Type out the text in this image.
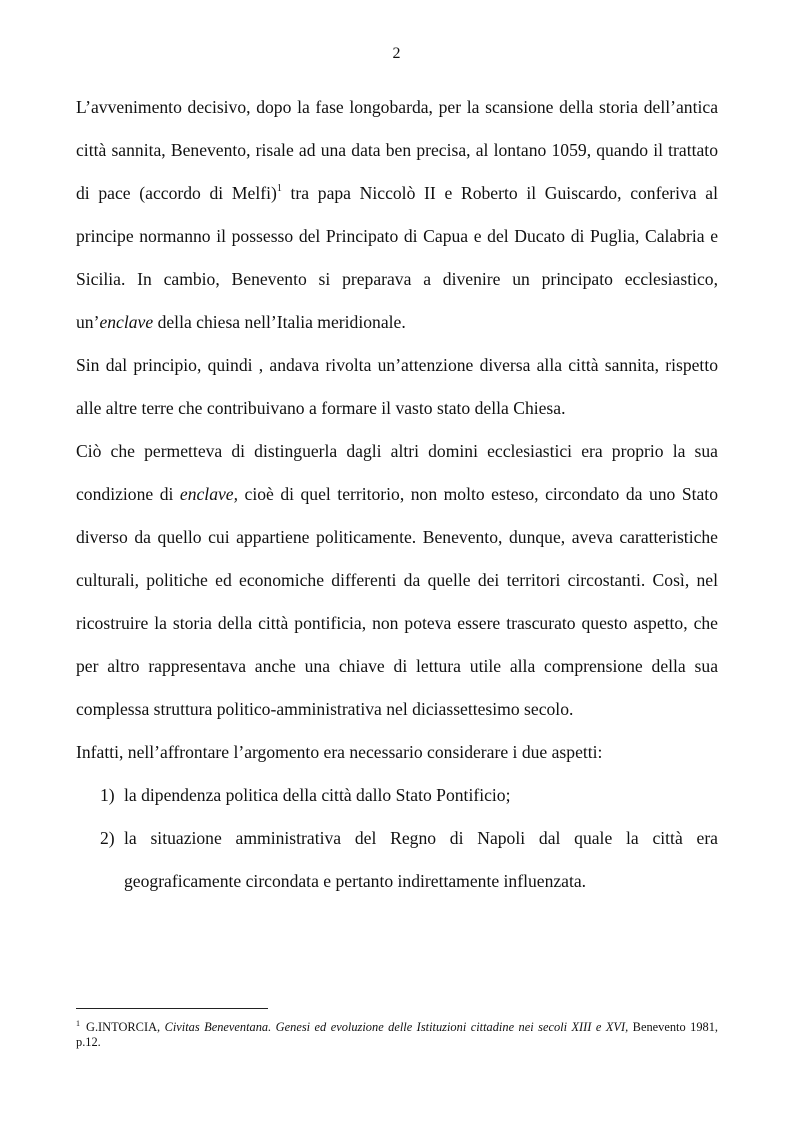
2

L’avvenimento decisivo, dopo la fase longobarda, per la scansione della storia dell’antica città sannita, Benevento, risale ad una data ben precisa, al lontano 1059, quando il trattato di pace (accordo di Melfi)$^1$ tra papa Niccolò II e Roberto il Guiscardo, conferiva al principe normanno il possesso del Principato di Capua e del Ducato di Puglia, Calabria e Sicilia. In cambio, Benevento si preparava a divenire un principato ecclesiastico, un’enclave della chiesa nell’Italia meridionale.

Sin dal principio, quindi , andava rivolta un’attenzione diversa alla città sannita, rispetto alle altre terre che contribuivano a formare il vasto stato della Chiesa.

Ciò che permetteva di distinguerla dagli altri domini ecclesiastici era proprio la sua condizione di enclave, cioè di quel territorio, non molto esteso, circondato da uno Stato diverso da quello cui appartiene politicamente. Benevento, dunque, aveva caratteristiche culturali, politiche ed economiche differenti da quelle dei territori circostanti. Così, nel ricostruire la storia della città pontificia, non poteva essere trascurato questo aspetto, che per altro rappresentava anche una chiave di lettura utile alla comprensione della sua complessa struttura politico-amministrativa nel diciassettesimo secolo.

Infatti, nell’affrontare l’argomento era necessario considerare i due aspetti:

1) la dipendenza politica della città dallo Stato Pontificio;
2) la situazione amministrativa del Regno di Napoli dal quale la città era geograficamente circondata e pertanto indirettamente influenzata.
$^1$ G.INTORCIA, Civitas Beneventana. Genesi ed evoluzione delle Istituzioni cittadine nei secoli XIII e XVI, Benevento 1981, p.12.
